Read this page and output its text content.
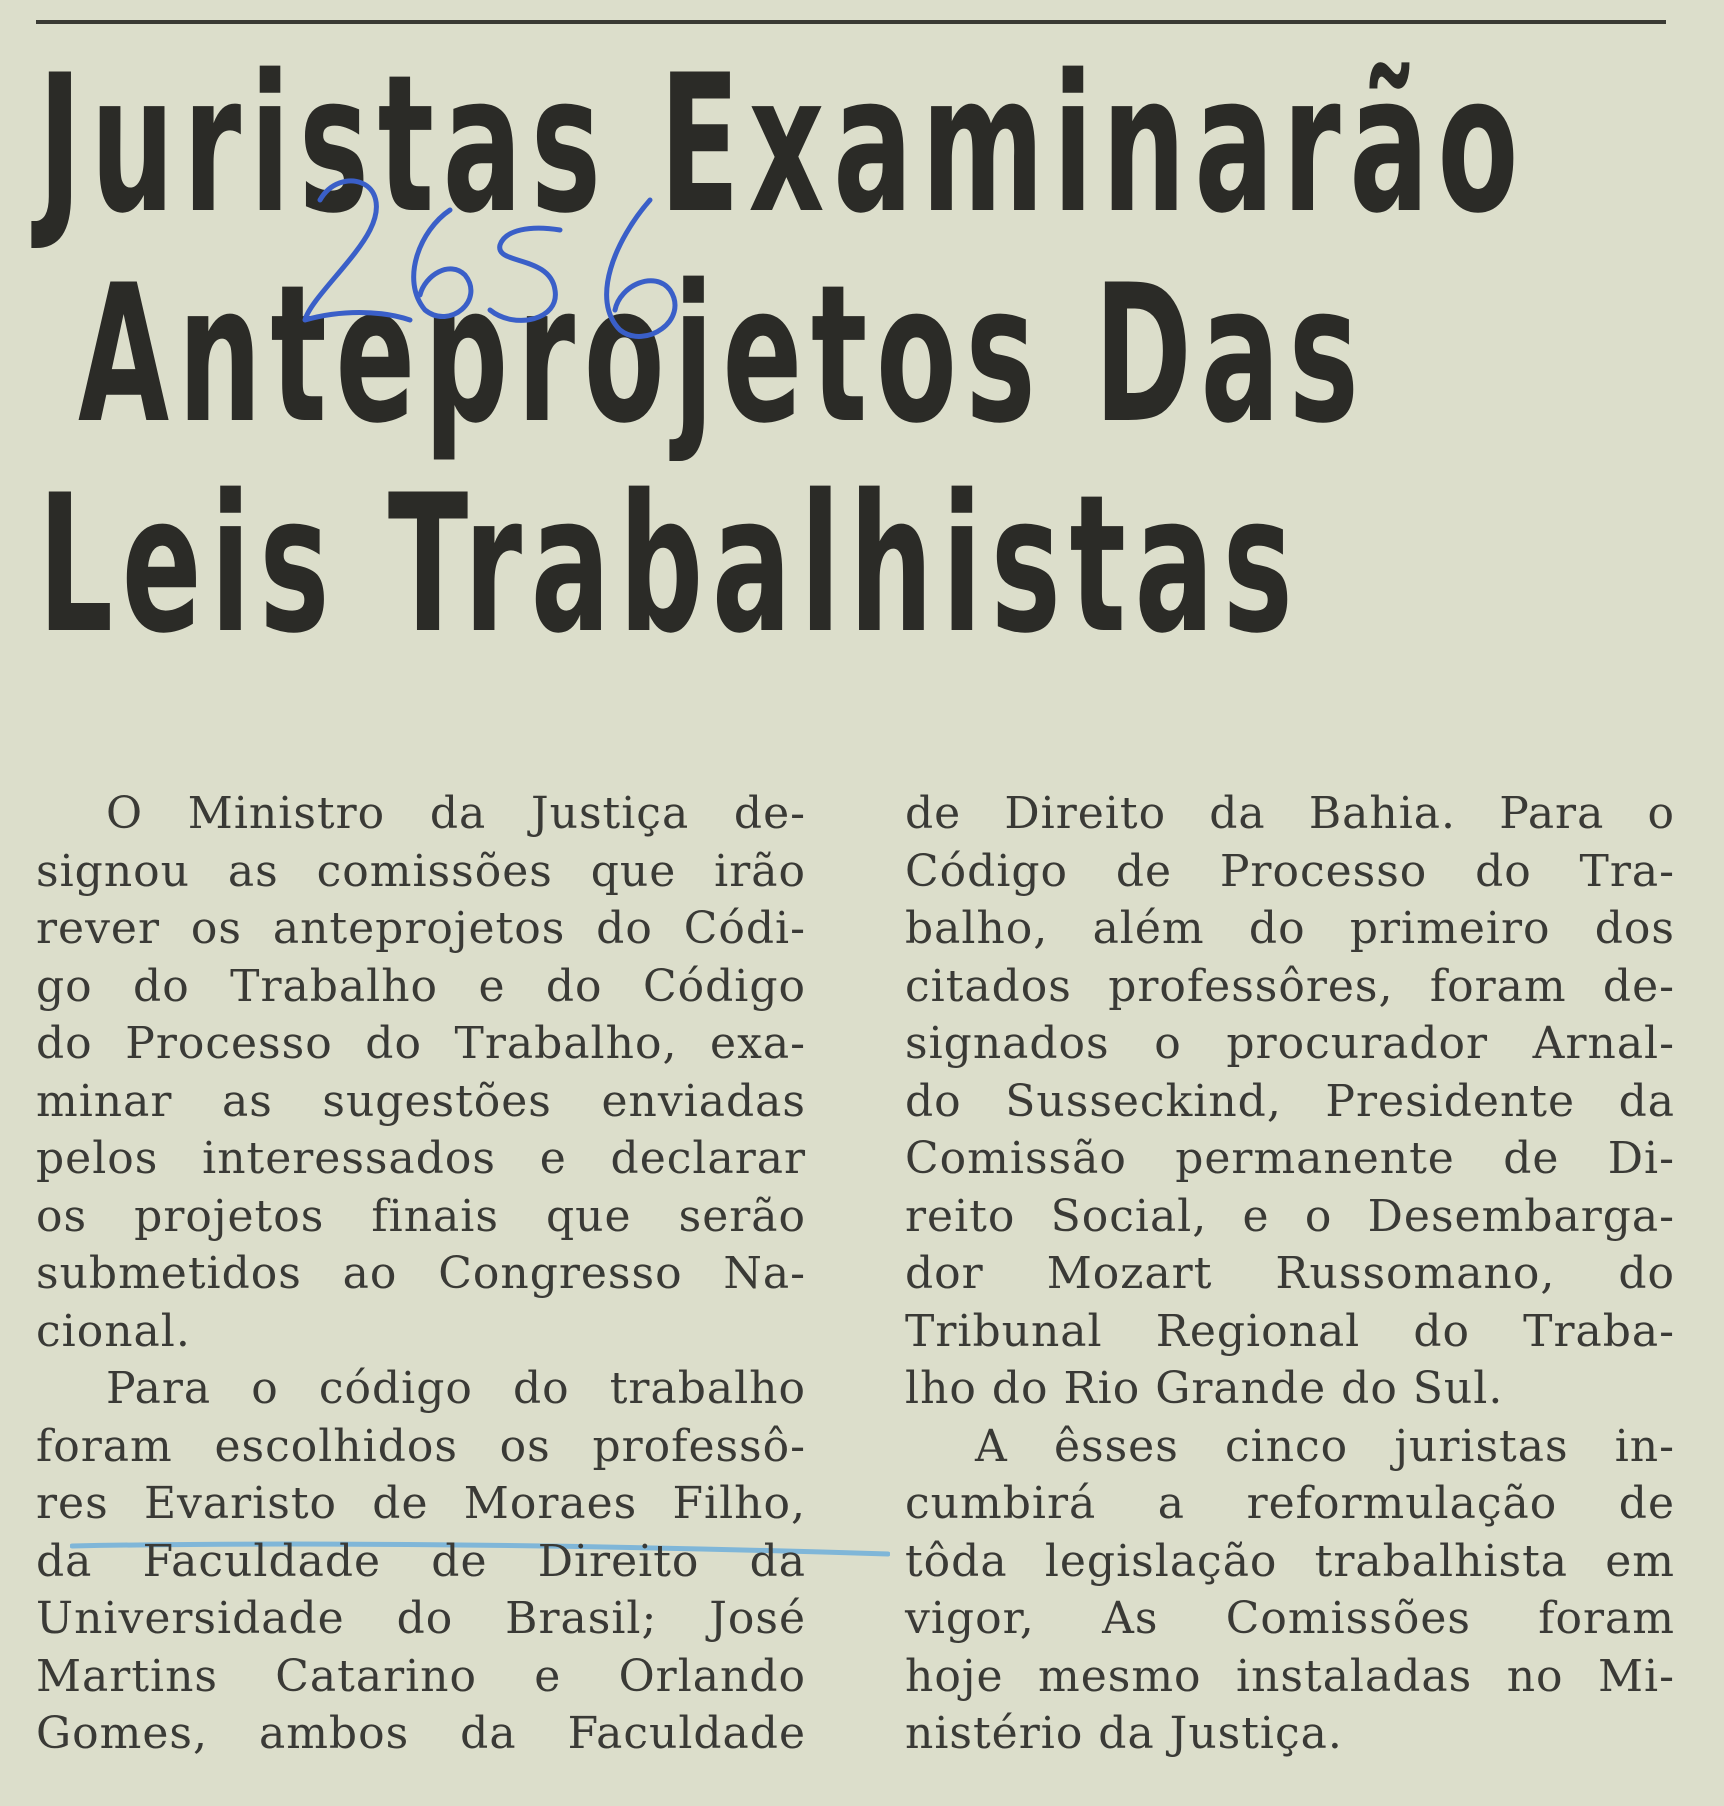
Juristas Examinarão
Anteprojetos Das
Leis Trabalhistas
O Ministro da Justiça de-
signou as comissões que irão
rever os anteprojetos do Códi-
go do Trabalho e do Código
do Processo do Trabalho, exa-
minar as sugestões enviadas
pelos interessados e declarar
os projetos finais que serão
submetidos ao Congresso Na-
cional.
Para o código do trabalho
foram escolhidos os professô-
res Evaristo de Moraes Filho,
da Faculdade de Direito da
Universidade do Brasil; José
Martins Catarino e Orlando
Gomes, ambos da Faculdade
de Direito da Bahia. Para o
Código de Processo do Tra-
balho, além do primeiro dos
citados professôres, foram de-
signados o procurador Arnal-
do Susseckind, Presidente da
Comissão permanente de Di-
reito Social, e o Desembarga-
dor Mozart Russomano, do
Tribunal Regional do Traba-
lho do Rio Grande do Sul.
A êsses cinco juristas in-
cumbirá a reformulação de
tôda legislação trabalhista em
vigor, As Comissões foram
hoje mesmo instaladas no Mi-
nistério da Justiça.
